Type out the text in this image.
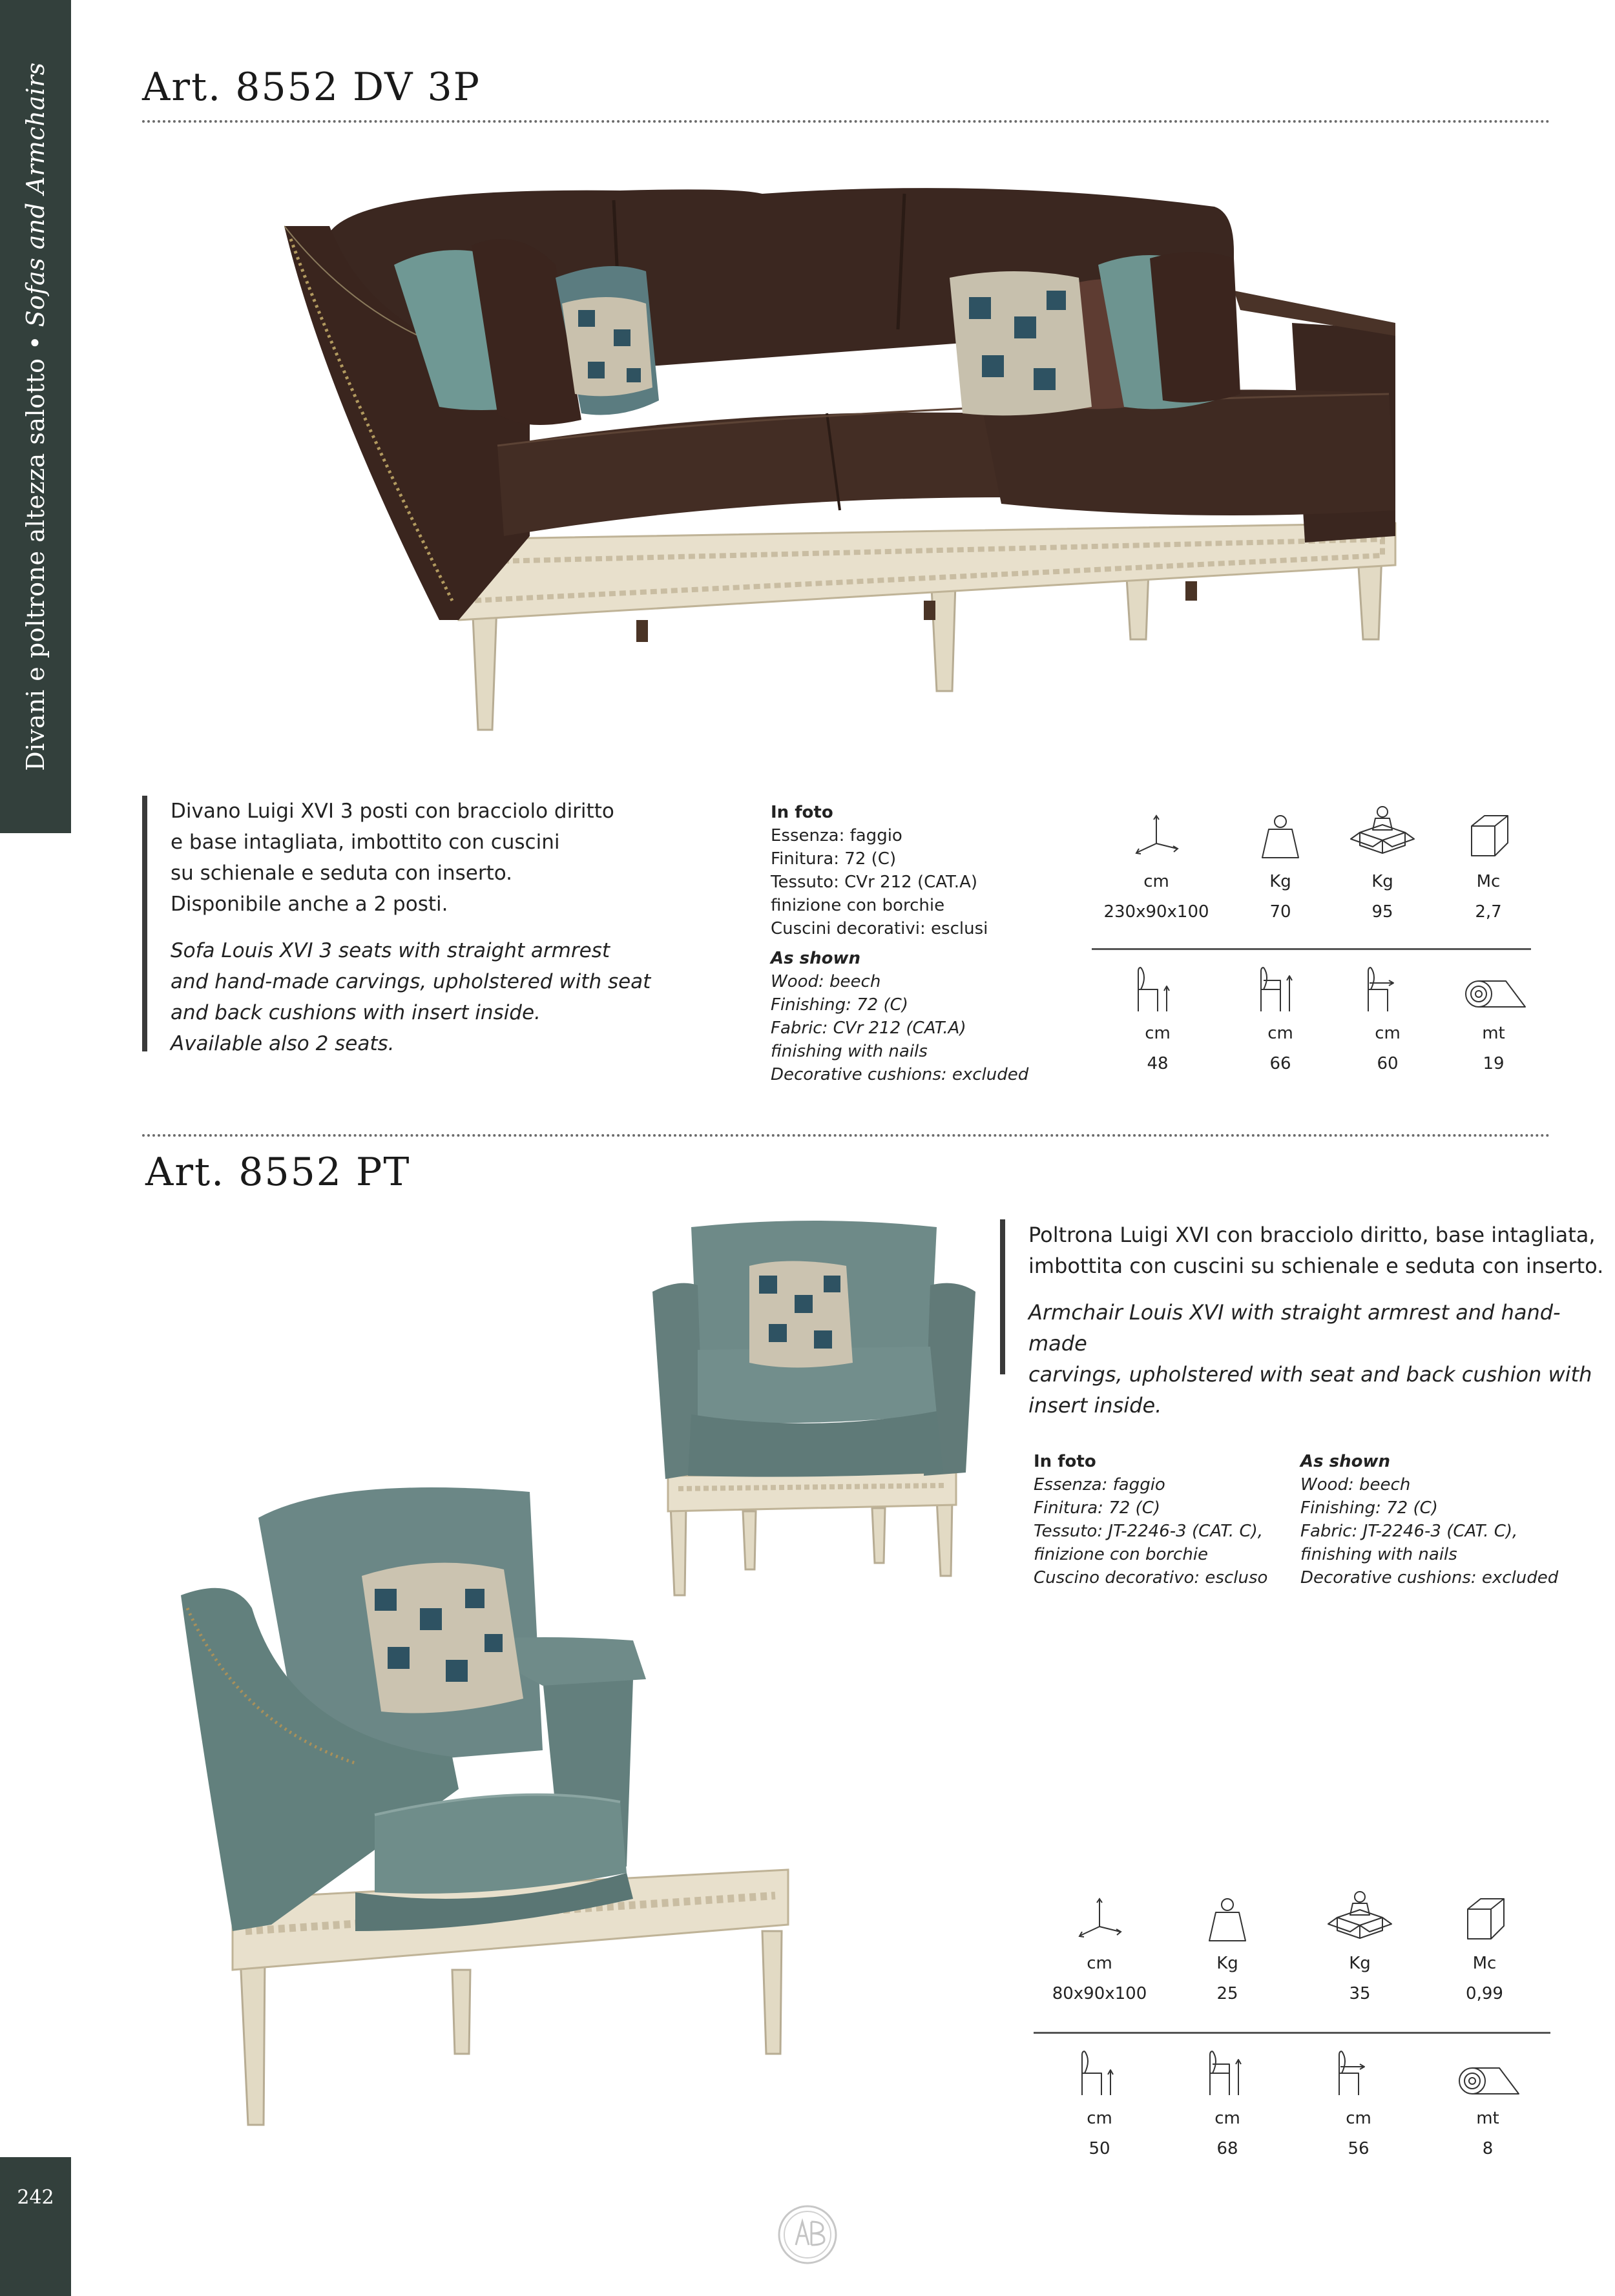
Divani e poltrone altezza salotto • Sofas and Armchairs Art. 8552 DV 3P

Divano Luigi XVI 3 posti con bracciolo diritto

e base intagliata, imbottito con cuscini

su schienale e seduta con inserto.

Disponibile anche a 2 posti.

Sofa Louis XVI 3 seats with straight armrest

and hand-made carvings, upholstered with seat

and back cushions with insert inside.

Available also 2 seats.

In foto
Essenza: faggio
Finitura: 72 (C)
Tessuto: CVr 212 (CAT.A)
finizione con borchie
Cuscini decorativi: esclusi
As shown
Wood: beech
Finishing: 72 (C)
Fabric: CVr 212 (CAT.A)
finishing with nails
Decorative cushions: excluded
cm	Kg	Kg	Mc
230x90x100	70	95	2,7
cm	cm	cm	mt
48	66	60	19
Art. 8552 PT

Poltrona Luigi XVI con bracciolo diritto, base intagliata,

imbottita con cuscini su schienale e seduta con inserto.

Armchair Louis XVI with straight armrest and hand-made

carvings, upholstered with seat and back cushion with

insert inside.

In foto
Essenza: faggio
Finitura: 72 (C)
Tessuto: JT-2246-3 (CAT. C),
finizione con borchie
Cuscino decorativo: escluso
As shown
Wood: beech
Finishing: 72 (C)
Fabric: JT-2246-3 (CAT. C),
finishing with nails
Decorative cushions: excluded
cm	Kg	Kg	Mc
80x90x100	25	35	0,99
cm	cm	cm	mt
50	68	56	8
242
